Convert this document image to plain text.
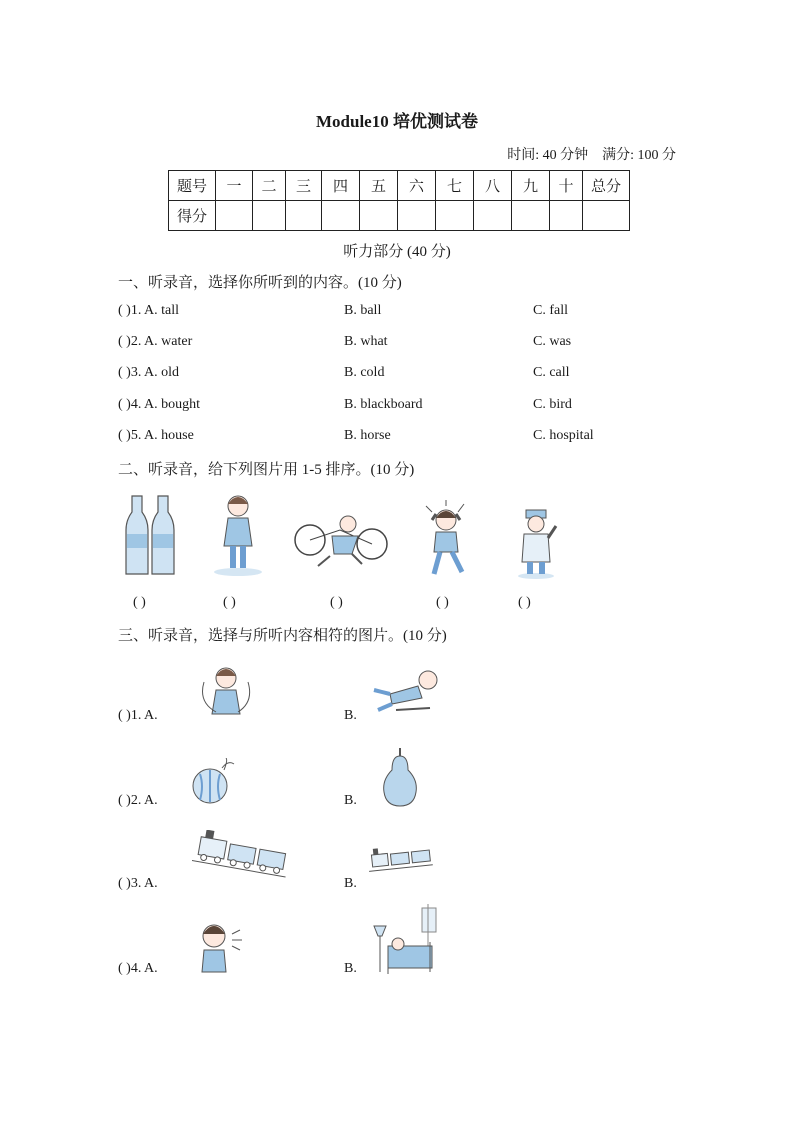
Module10 培优测试卷
时间: 40 分钟    满分: 100 分
题号	一	二	三	四	五	六	七	八	九	十	总分
得分											
听力部分 (40 分)
一、听录音，选择你所听到的内容。(10 分)
( )1. A. tall	B. ball	C. fall
( )2. A. water	B. what	C. was
( )3. A. old	B. cold	C. call
( )4. A. bought	B. blackboard	C. bird
( )5. A. house	B. horse	C. hospital
二、听录音，给下列图片用 1-5 排序。(10 分)
( )	( )	( )	( )	( )
三、听录音，选择与所听内容相符的图片。(10 分)
( )1. A.	B.
( )2. A.	B.
( )3. A.	B.
( )4. A.	B.
